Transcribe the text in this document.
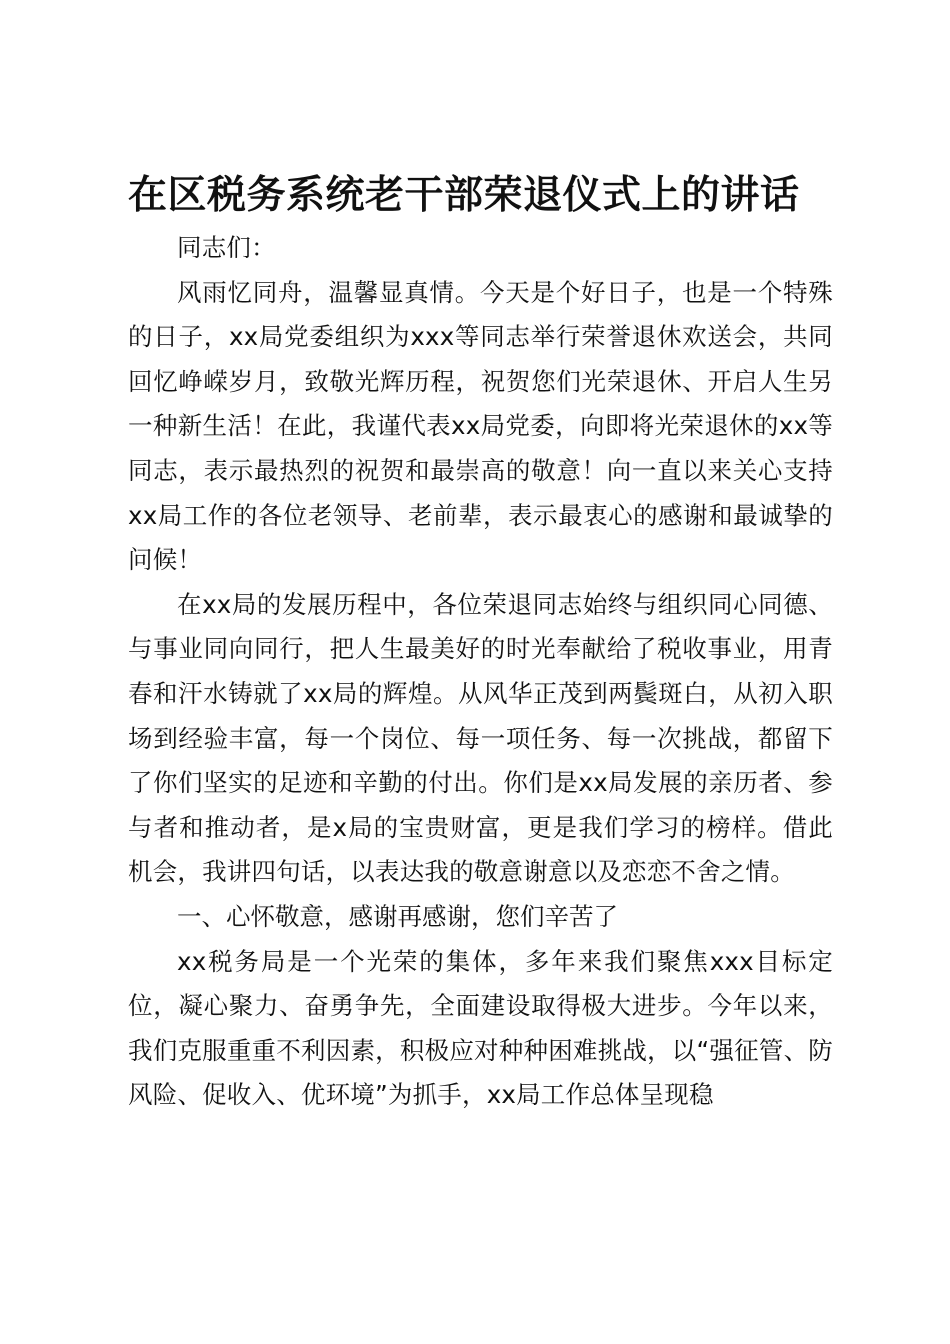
在区税务系统老干部荣退仪式上的讲话

同志们：

风雨忆同舟，温馨显真情。今天是个好日子，也是一个特殊的日子，xx局党委组织为xxx等同志举行荣誉退休欢送会，共同回忆峥嵘岁月，致敬光辉历程，祝贺您们光荣退休、开启人生另一种新生活！在此，我谨代表xx局党委，向即将光荣退休的xx等同志，表示最热烈的祝贺和最崇高的敬意！向一直以来关心支持xx局工作的各位老领导、老前辈，表示最衷心的感谢和最诚挚的问候！

在xx局的发展历程中，各位荣退同志始终与组织同心同德、与事业同向同行，把人生最美好的时光奉献给了税收事业，用青春和汗水铸就了xx局的辉煌。从风华正茂到两鬓斑白，从初入职场到经验丰富，每一个岗位、每一项任务、每一次挑战，都留下了你们坚实的足迹和辛勤的付出。你们是xx局发展的亲历者、参与者和推动者，是x局的宝贵财富，更是我们学习的榜样。借此机会，我讲四句话，以表达我的敬意谢意以及恋恋不舍之情。

一、心怀敬意，感谢再感谢，您们辛苦了

xx税务局是一个光荣的集体，多年来我们聚焦xxx目标定位，凝心聚力、奋勇争先，全面建设取得极大进步。今年以来，我们克服重重不利因素，积极应对种种困难挑战，以“强征管、防风险、促收入、优环境”为抓手，xx局工作总体呈现稳
